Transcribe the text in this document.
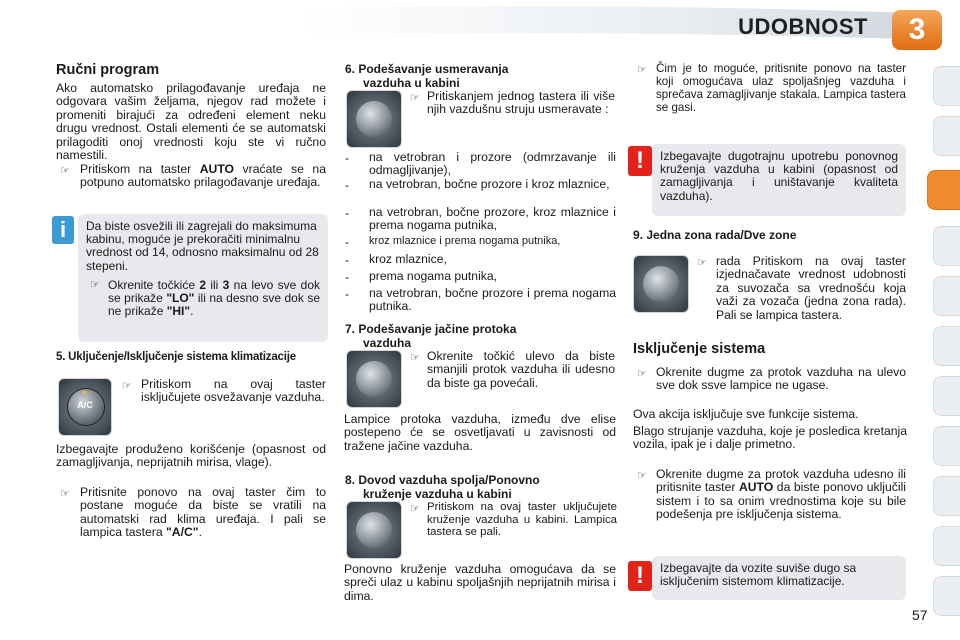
UDOBNOST	3
Ručni program
Ako automatsko prilagođavanje uređaja ne odgovara vašim željama, njegov rad možete i promeniti birajući za određeni element neku drugu vrednost. Ostali elementi će se automatski prilagoditi onoj vrednosti koju ste vi ručno namestili.
☞ Pritiskom na taster AUTO vraćate se na potpuno automatsko prilagođavanje uređaja.
i	Da biste osvežili ili zagrejali do maksimuma kabinu, moguće je prekoračiti minimalnu vrednost od 14, odnosno maksimalnu od 28 stepeni.
☞ Okrenite točkiće 2 ili 3 na levo sve dok se prikaže "LO" ili na desno sve dok se ne prikaže "HI".
5. Uključenje/Isključenje sistema klimatizacije
A/C
☞ Pritiskom na ovaj taster isključujete osvežavanje vazduha.
Izbegavajte produženo korišćenje (opasnost od zamagljivanja, nepriјatnih mirisa, vlage).
☞ Pritisnite ponovo na ovaj taster čim to postane moguće da biste se vratili na automatski rad klima uređaja. I pali se lampica tastera "A/C".
6. Podešavanje usmeravanja
vazduha u kabini
☞ Pritiskanjem jednog tastera ili više njih vazdušnu struju usmeravate :
- na vetrobran i prozore (odmrzavanje ili odmagljivanje),
- na vetrobran, bočne prozore i kroz mlaznice,
- na vetrobran, bočne prozore, kroz mlaznice i prema nogama putnika,
- kroz mlaznice i prema nogama putnika,
- kroz mlaznice,
- prema nogama putnika,
- na vetrobran, bočne prozore i prema nogama putnika.
7. Podešavanje jačine protoka
vazduha
☞ Okrenite točkić ulevo da biste smanjili protok vazduha ili udesno da biste ga povećali.
Lampice protoka vazduha, između dve elise postepeno će se osvetljavati u zavisnosti od tražene jačine vazduha.
8. Dovod vazduha spolja/Ponovno
kruženje vazduha u kabini
☞ Pritiskom na ovaj taster uključujete kruženje vazduha u kabini. Lampica tastera se pali.
Ponovno kruženje vazduha omogućava da se spreči ulaz u kabinu spoljašnjih neprijatnih mirisa i dima.
☞ Čim je to moguće, pritisnite ponovo na taster koji omogućava ulaz spoljašnjeg vazduha i sprečava zamagljivanje stakala. Lampica tastera se gasi.
!	Izbegavajte dugotrajnu upotrebu ponovnog kruženja vazduha u kabini (opasnost od zamagljivanja i uništavanje kvaliteta vazduha).
9. Jedna zona rada/Dve zone
☞ rada Pritiskom na ovaj taster izjednačavate vrednost udobnosti za suvozača sa vrednošću koja važi za vozača (jedna zona rada). Pali se lampica tastera.
Isključenje sistema
☞ Okrenite dugme za protok vazduha na ulevo sve dok ssve lampice ne ugase.
Ova akcija isključuje sve funkcije sistema.
Blago strujanje vazduha, koje je posledica kretanja vozila, ipak je i dalje primetno.
☞ Okrenite dugme za protok vazduha udesno ili pritisnite taster AUTO da biste ponovo uključili sistem i to sa onim vrednostima koje su bile podešenja pre isključenja sistema.
!	Izbegavajte da vozite suviše dugo sa isključenim sistemom klimatizacije.
57
